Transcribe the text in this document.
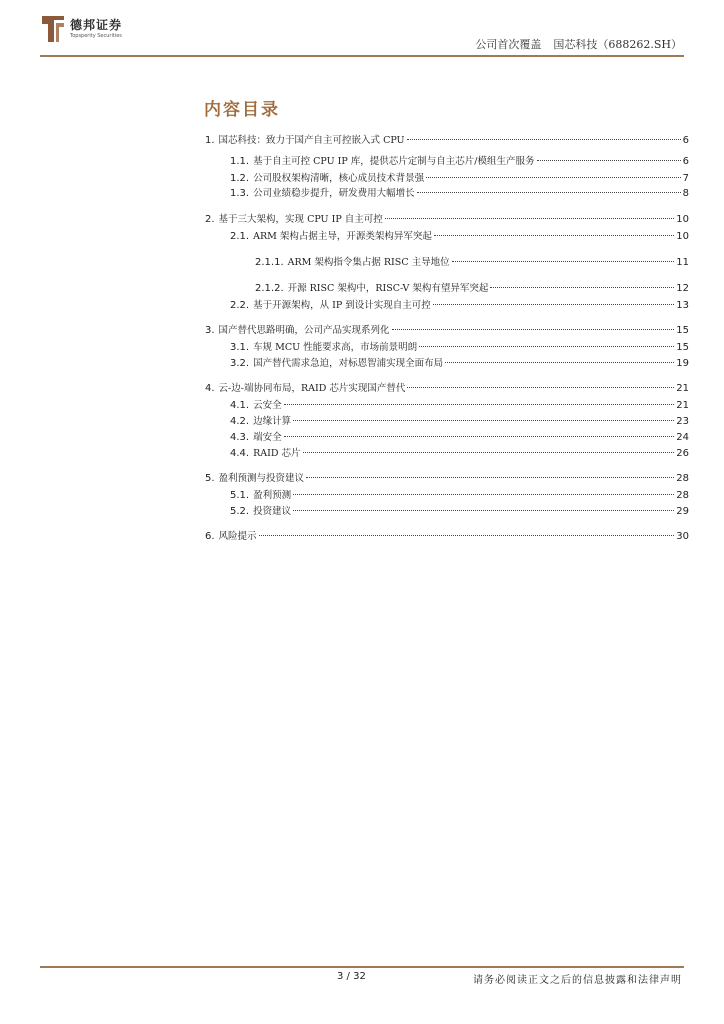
德邦证券
Topsperity Securities
公司首次覆盖 国芯科技（688262.SH）
内容目录
1. 国芯科技：致力于国产自主可控嵌入式 CPU	6
1.1. 基于自主可控 CPU IP 库，提供芯片定制与自主芯片/模组生产服务	6
1.2. 公司股权架构清晰，核心成员技术背景强	7
1.3. 公司业绩稳步提升，研发费用大幅增长	8
2. 基于三大架构，实现 CPU IP 自主可控	10
2.1. ARM 架构占据主导，开源类架构异军突起	10
2.1.1. ARM 架构指令集占据 RISC 主导地位	11
2.1.2. 开源 RISC 架构中，RISC-V 架构有望异军突起	12
2.2. 基于开源架构，从 IP 到设计实现自主可控	13
3. 国产替代思路明确，公司产品实现系列化	15
3.1. 车规 MCU 性能要求高，市场前景明朗	15
3.2. 国产替代需求急迫，对标恩智浦实现全面布局	19
4. 云-边-端协同布局，RAID 芯片实现国产替代	21
4.1. 云安全	21
4.2. 边缘计算	23
4.3. 端安全	24
4.4. RAID 芯片	26
5. 盈利预测与投资建议	28
5.1. 盈利预测	28
5.2. 投资建议	29
6. 风险提示	30
3 / 32	请务必阅读正文之后的信息披露和法律声明
